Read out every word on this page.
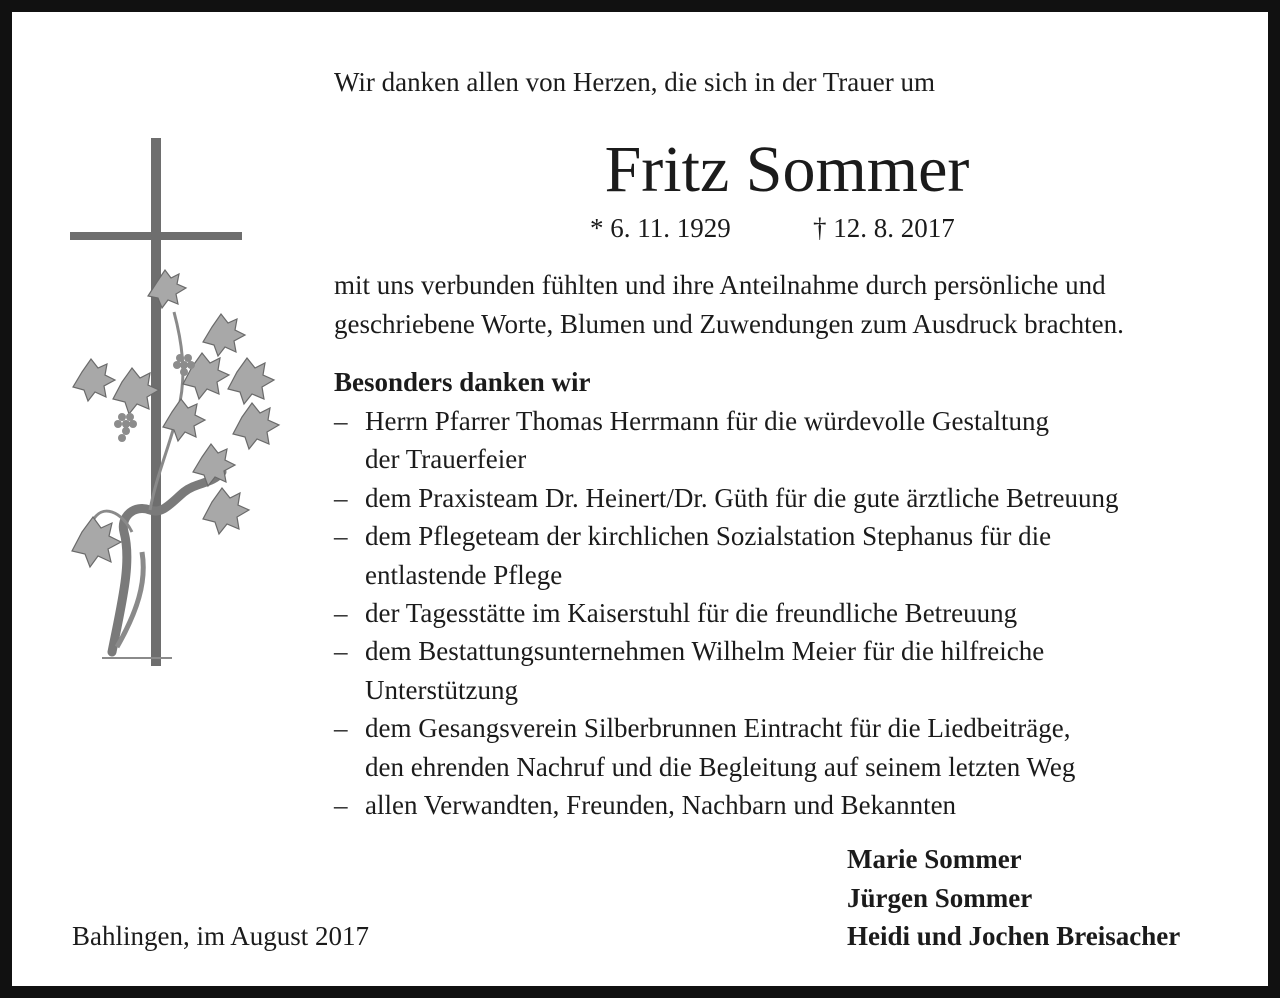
Wir danken allen von Herzen, die sich in der Trauer um
Fritz Sommer
* 6. 11. 1929	† 12. 8. 2017
mit uns verbunden fühlten und ihre Anteilnahme durch persönliche und
geschriebene Worte, Blumen und Zuwendungen zum Ausdruck brachten.
Besonders danken wir
– Herrn Pfarrer Thomas Herrmann für die würdevolle Gestaltung
der Trauerfeier
– dem Praxisteam Dr. Heinert/Dr. Güth für die gute ärztliche Betreuung
– dem Pflegeteam der kirchlichen Sozialstation Stephanus für die
entlastende Pflege
– der Tagesstätte im Kaiserstuhl für die freundliche Betreuung
– dem Bestattungsunternehmen Wilhelm Meier für die hilfreiche
Unterstützung
– dem Gesangsverein Silberbrunnen Eintracht für die Liedbeiträge,
den ehrenden Nachruf und die Begleitung auf seinem letzten Weg
– allen Verwandten, Freunden, Nachbarn und Bekannten
Bahlingen, im August 2017
Marie Sommer
Jürgen Sommer
Heidi und Jochen Breisacher
